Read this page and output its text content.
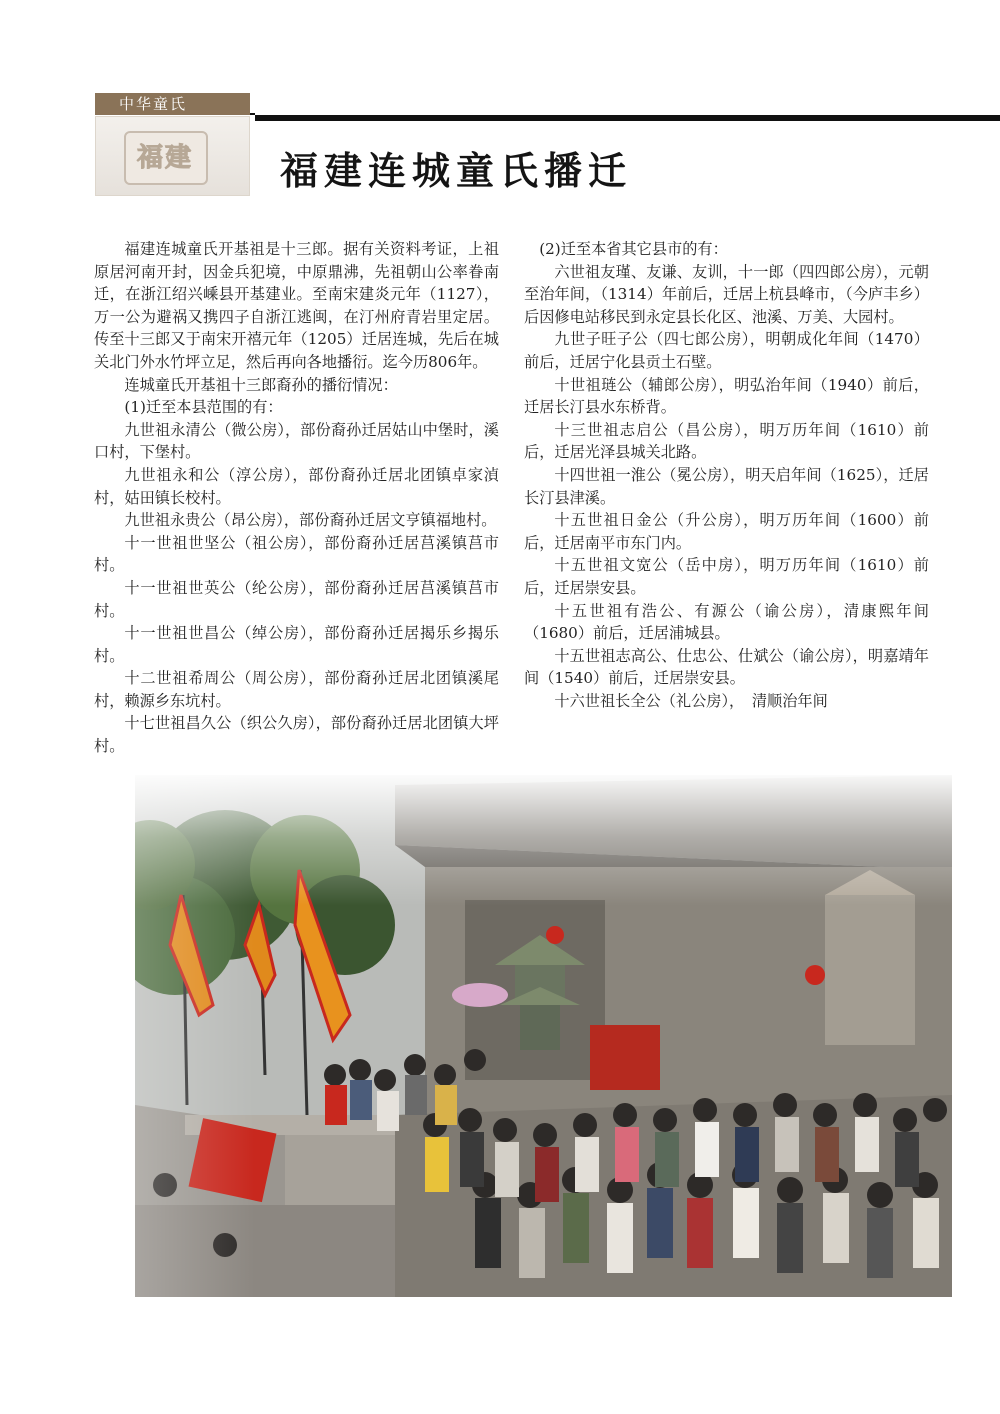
中华童氏
福建 福建连城童氏播迁

福建连城童氏开基祖是十三郎。据有关资料考证，上祖原居河南开封，因金兵犯境，中原鼎沸，先祖朝山公率眷南迁，在浙江绍兴嵊县开基建业。至南宋建炎元年（1127），万一公为避祸又携四子自浙江逃闽，在汀州府青岩里定居。传至十三郎又于南宋开禧元年（1205）迁居连城，先后在城关北门外水竹坪立足，然后再向各地播衍。迄今历806年。

连城童氏开基祖十三郎裔孙的播衍情况：

(1)迁至本县范围的有：

九世祖永清公（微公房），部份裔孙迁居姑山中堡时，溪口村，下堡村。

九世祖永和公（淳公房），部份裔孙迁居北团镇卓家湞村，姑田镇长校村。

九世祖永贵公（昂公房），部份裔孙迁居文亨镇福地村。

十一世祖世坚公（祖公房），部份裔孙迁居莒溪镇莒市村。

十一世祖世英公（纶公房），部份裔孙迁居莒溪镇莒市村。

十一世祖世昌公（绰公房），部份裔孙迁居揭乐乡揭乐村。

十二世祖希周公（周公房），部份裔孙迁居北团镇溪尾村，赖源乡东坑村。

十七世祖昌久公（织公久房），部份裔孙迁居北团镇大坪村。

(2)迁至本省其它县市的有：

六世祖友瑾、友谦、友训，十一郎（四四郎公房），元朝至治年间，（1314）年前后，迁居上杭县峰市，（今庐丰乡）后因修电站移民到永定县长化区、池溪、万美、大园村。

九世子旺子公（四七郎公房），明朝成化年间（1470）前后，迁居宁化县贡土石壁。

十世祖琏公（辅郎公房），明弘治年间（1940）前后，迁居长汀县水东桥背。

十三世祖志启公（昌公房），明万历年间（1610）前后，迁居光泽县城关北路。

十四世祖一淮公（冕公房），明天启年间（1625），迁居长汀县津溪。

十五世祖日金公（升公房），明万历年间（1600）前后，迁居南平市东门内。

十五世祖文宽公（岳中房），明万历年间（1610）前后，迁居崇安县。

十五世祖有浩公、有源公（谕公房），清康熙年间（1680）前后，迁居浦城县。

十五世祖志高公、仕忠公、仕斌公（谕公房），明嘉靖年间（1540）前后，迁居崇安县。

十六世祖长全公（礼公房），　清顺治年间
